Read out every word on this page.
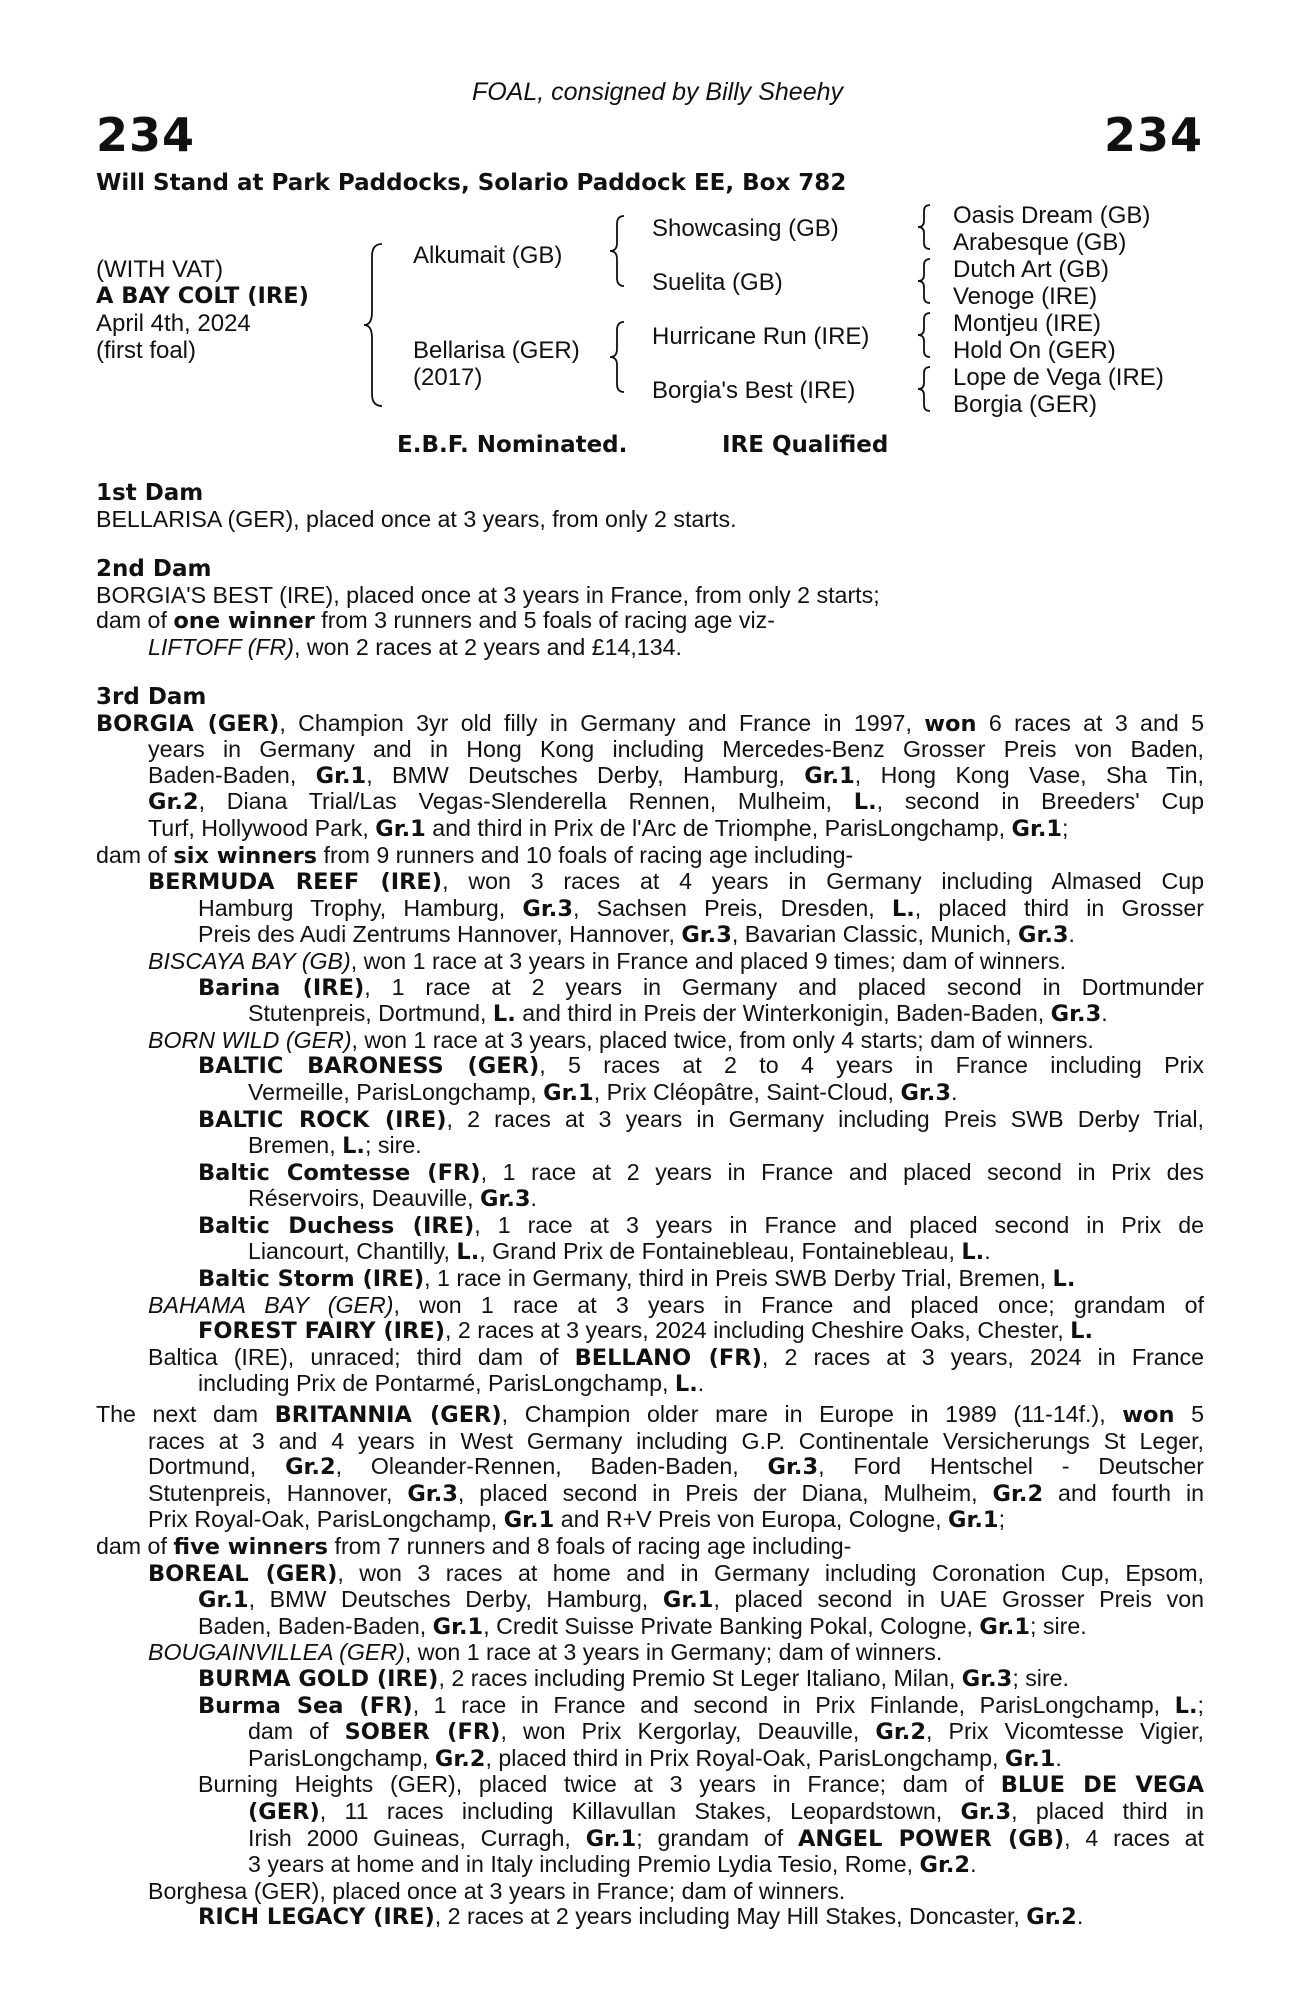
FOAL, consigned by Billy Sheehy
234	234
Will Stand at Park Paddocks, Solario Paddock EE, Box 782
(WITH VAT)
A BAY COLT (IRE)
April 4th, 2024
(first foal)
Alkumait (GB)
Bellarisa (GER)
(2017)
Showcasing (GB)
Suelita (GB)
Hurricane Run (IRE)
Borgia's Best (IRE)
Oasis Dream (GB)
Arabesque (GB)
Dutch Art (GB)
Venoge (IRE)
Montjeu (IRE)
Hold On (GER)
Lope de Vega (IRE)
Borgia (GER)
E.B.F. Nominated.	IRE Qualified

1st Dam

BELLARISA (GER), placed once at 3 years, from only 2 starts.

2nd Dam

BORGIA'S BEST (IRE), placed once at 3 years in France, from only 2 starts;

dam of one winner from 3 runners and 5 foals of racing age viz-

LIFTOFF (FR), won 2 races at 2 years and £14,134.

3rd Dam

BORGIA (GER), Champion 3yr old filly in Germany and France in 1997, won 6 races at 3 and 5

years in Germany and in Hong Kong including Mercedes-Benz Grosser Preis von Baden,

Baden-Baden, Gr.1, BMW Deutsches Derby, Hamburg, Gr.1, Hong Kong Vase, Sha Tin,

Gr.2, Diana Trial/Las Vegas-Slenderella Rennen, Mulheim, L., second in Breeders' Cup

Turf, Hollywood Park, Gr.1 and third in Prix de l'Arc de Triomphe, ParisLongchamp, Gr.1;

dam of six winners from 9 runners and 10 foals of racing age including-

BERMUDA REEF (IRE), won 3 races at 4 years in Germany including Almased Cup

Hamburg Trophy, Hamburg, Gr.3, Sachsen Preis, Dresden, L., placed third in Grosser

Preis des Audi Zentrums Hannover, Hannover, Gr.3, Bavarian Classic, Munich, Gr.3.

BISCAYA BAY (GB), won 1 race at 3 years in France and placed 9 times; dam of winners.

Barina (IRE), 1 race at 2 years in Germany and placed second in Dortmunder

Stutenpreis, Dortmund, L. and third in Preis der Winterkonigin, Baden-Baden, Gr.3.

BORN WILD (GER), won 1 race at 3 years, placed twice, from only 4 starts; dam of winners.

BALTIC BARONESS (GER), 5 races at 2 to 4 years in France including Prix

Vermeille, ParisLongchamp, Gr.1, Prix Cléopâtre, Saint-Cloud, Gr.3.

BALTIC ROCK (IRE), 2 races at 3 years in Germany including Preis SWB Derby Trial,

Bremen, L.; sire.

Baltic Comtesse (FR), 1 race at 2 years in France and placed second in Prix des

Réservoirs, Deauville, Gr.3.

Baltic Duchess (IRE), 1 race at 3 years in France and placed second in Prix de

Liancourt, Chantilly, L., Grand Prix de Fontainebleau, Fontainebleau, L..

Baltic Storm (IRE), 1 race in Germany, third in Preis SWB Derby Trial, Bremen, L.

BAHAMA BAY (GER), won 1 race at 3 years in France and placed once; grandam of

FOREST FAIRY (IRE), 2 races at 3 years, 2024 including Cheshire Oaks, Chester, L.

Baltica (IRE), unraced; third dam of BELLANO (FR), 2 races at 3 years, 2024 in France

including Prix de Pontarmé, ParisLongchamp, L..

The next dam BRITANNIA (GER), Champion older mare in Europe in 1989 (11-14f.), won 5

races at 3 and 4 years in West Germany including G.P. Continentale Versicherungs St Leger,

Dortmund, Gr.2, Oleander-Rennen, Baden-Baden, Gr.3, Ford Hentschel - Deutscher

Stutenpreis, Hannover, Gr.3, placed second in Preis der Diana, Mulheim, Gr.2 and fourth in

Prix Royal-Oak, ParisLongchamp, Gr.1 and R+V Preis von Europa, Cologne, Gr.1;

dam of five winners from 7 runners and 8 foals of racing age including-

BOREAL (GER), won 3 races at home and in Germany including Coronation Cup, Epsom,

Gr.1, BMW Deutsches Derby, Hamburg, Gr.1, placed second in UAE Grosser Preis von

Baden, Baden-Baden, Gr.1, Credit Suisse Private Banking Pokal, Cologne, Gr.1; sire.

BOUGAINVILLEA (GER), won 1 race at 3 years in Germany; dam of winners.

BURMA GOLD (IRE), 2 races including Premio St Leger Italiano, Milan, Gr.3; sire.

Burma Sea (FR), 1 race in France and second in Prix Finlande, ParisLongchamp, L.;

dam of SOBER (FR), won Prix Kergorlay, Deauville, Gr.2, Prix Vicomtesse Vigier,

ParisLongchamp, Gr.2, placed third in Prix Royal-Oak, ParisLongchamp, Gr.1.

Burning Heights (GER), placed twice at 3 years in France; dam of BLUE DE VEGA

(GER), 11 races including Killavullan Stakes, Leopardstown, Gr.3, placed third in

Irish 2000 Guineas, Curragh, Gr.1; grandam of ANGEL POWER (GB), 4 races at

3 years at home and in Italy including Premio Lydia Tesio, Rome, Gr.2.

Borghesa (GER), placed once at 3 years in France; dam of winners.

RICH LEGACY (IRE), 2 races at 2 years including May Hill Stakes, Doncaster, Gr.2.
